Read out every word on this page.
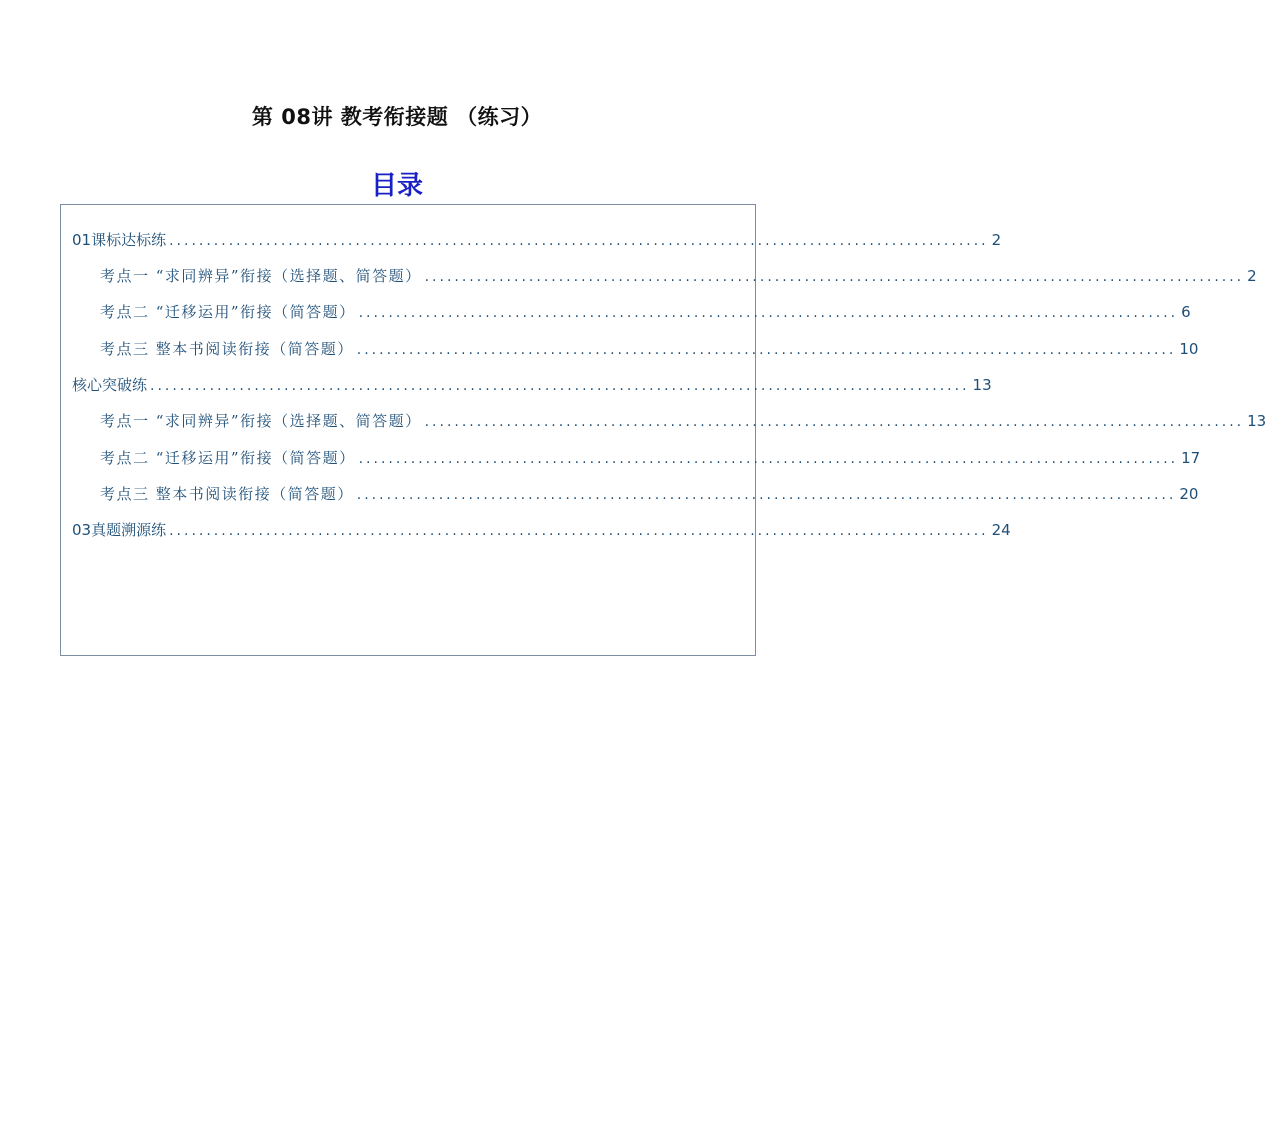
第 08讲 教考衔接题 （练习）
目录
01课标达标练 .............................................................................................................. 2
考点一 “求同辨异”衔接（选择题、简答题） .............................................................................................................. 2
考点二 “迁移运用”衔接（简答题） .............................................................................................................. 6
考点三 整本书阅读衔接（简答题） .............................................................................................................. 10
核心突破练 .............................................................................................................. 13
考点一 “求同辨异”衔接（选择题、简答题） .............................................................................................................. 13
考点二 “迁移运用”衔接（简答题） .............................................................................................................. 17
考点三 整本书阅读衔接（简答题） .............................................................................................................. 20
03真题溯源练 .............................................................................................................. 24
